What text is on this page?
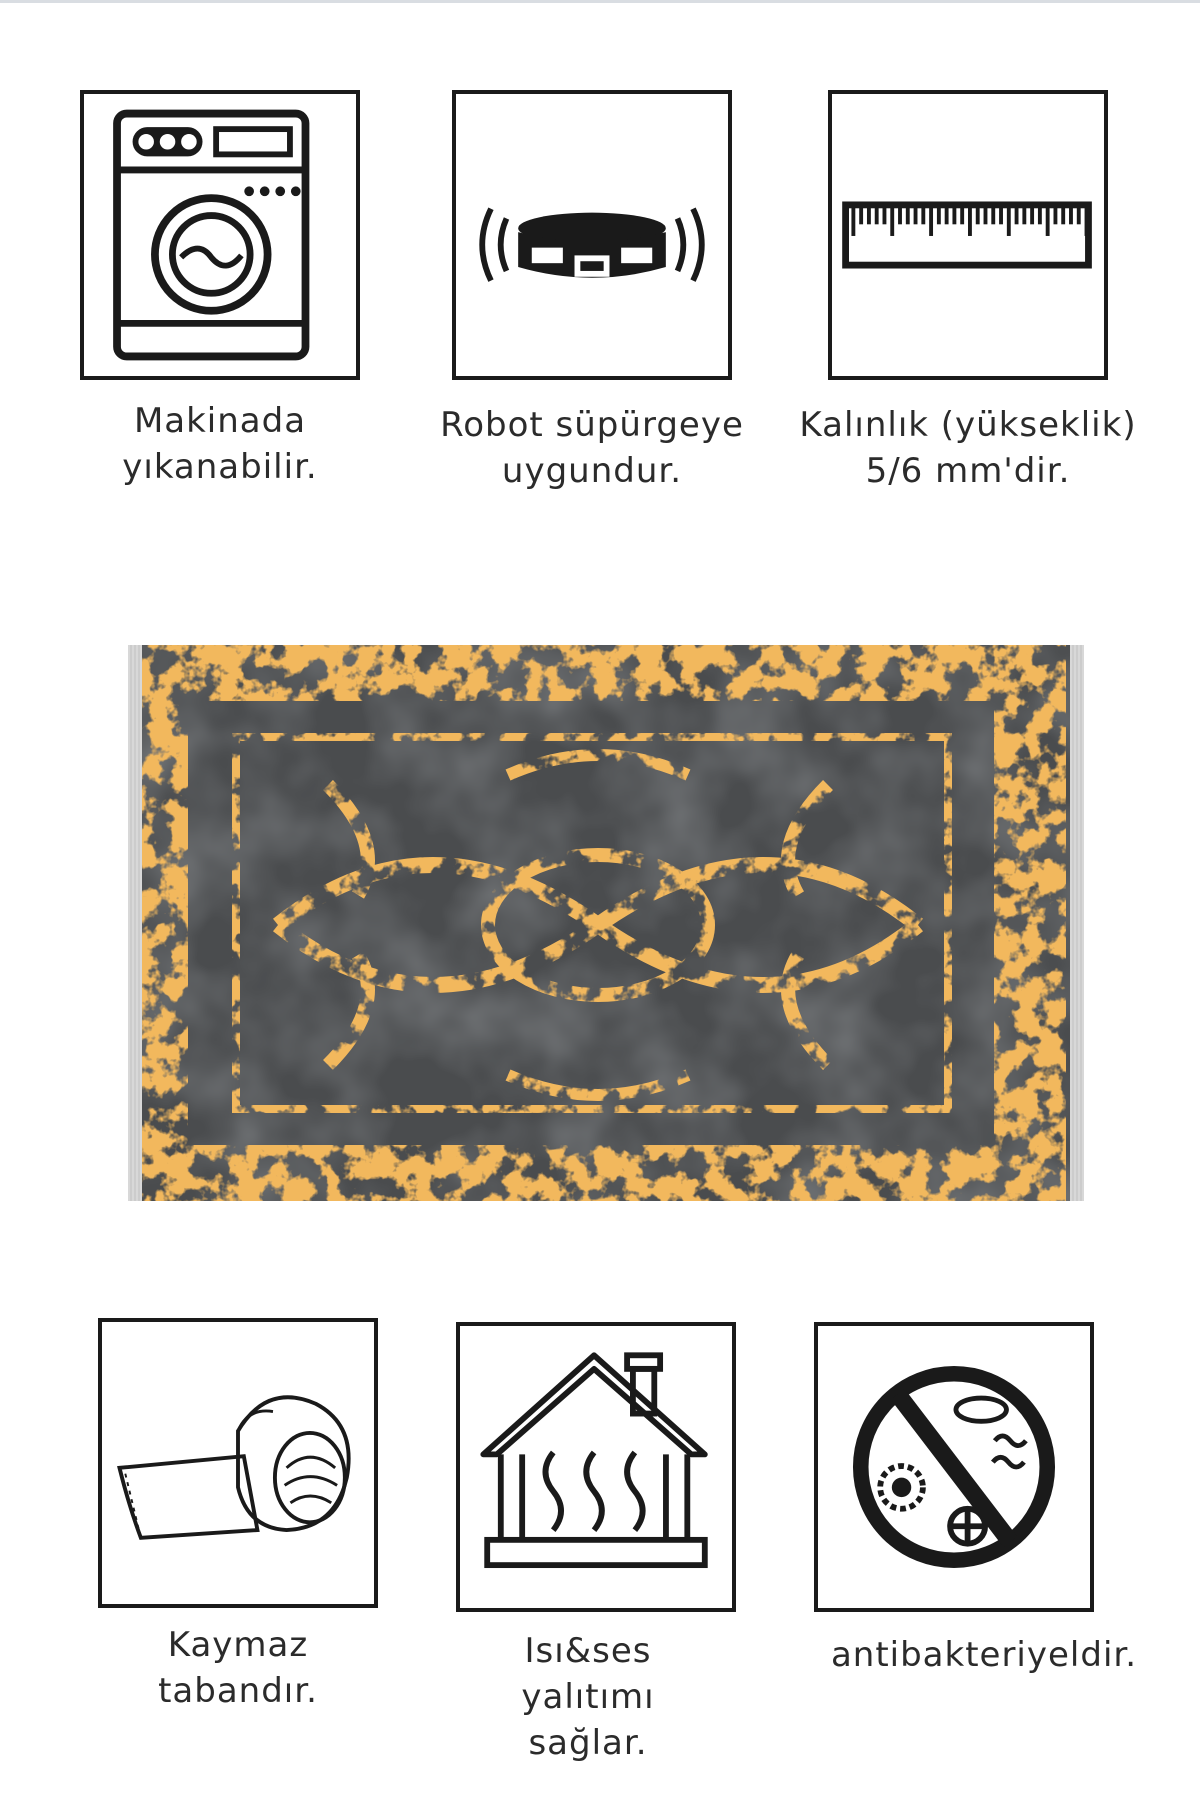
Makinada
yıkanabilir.
Robot süpürgeye
uygundur.
Kalınlık (yükseklik)
5/6 mm'dir.
Kaymaz
tabandır.
Isı&ses
yalıtımı
sağlar.
antibakteriyeldir.
